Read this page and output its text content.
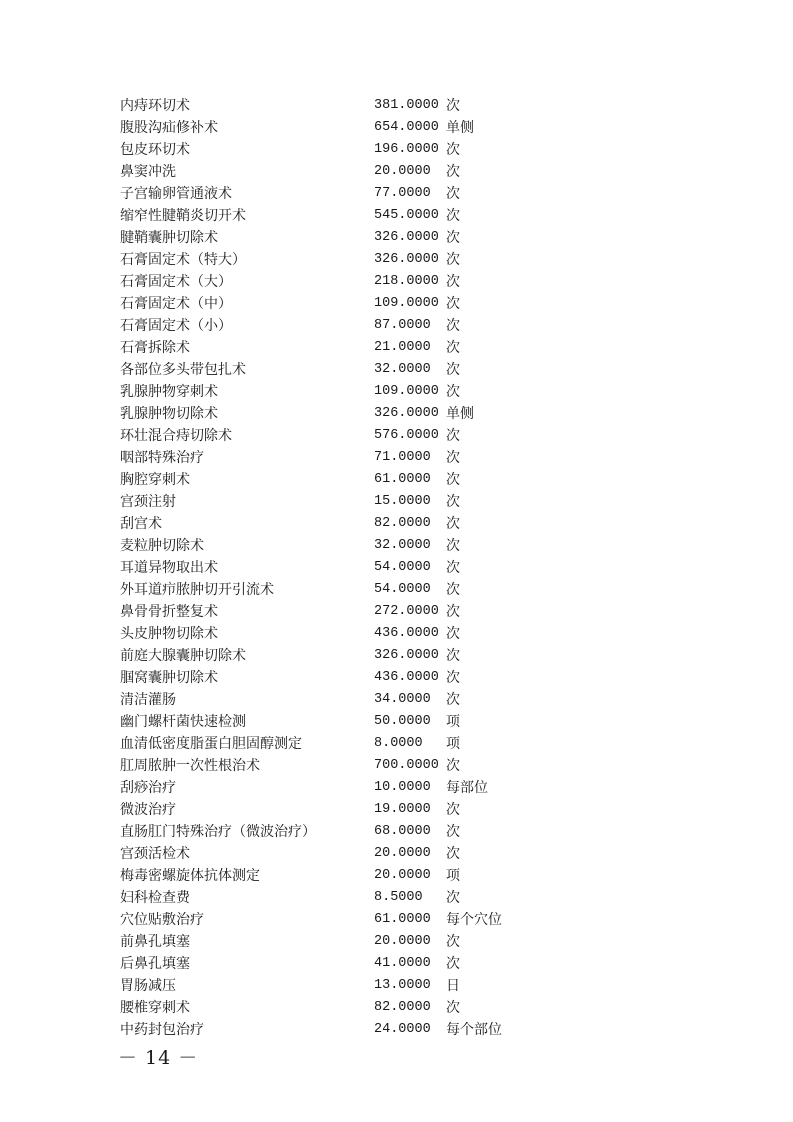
内痔环切术	381.0000 次
腹股沟疝修补术	654.0000 单侧
包皮环切术	196.0000 次
鼻窦冲洗	20.0000 次
子宫输卵管通液术	77.0000 次
缩窄性腱鞘炎切开术	545.0000 次
腱鞘囊肿切除术	326.0000 次
石膏固定术（特大）	326.0000 次
石膏固定术（大）	218.0000 次
石膏固定术（中）	109.0000 次
石膏固定术（小）	87.0000 次
石膏拆除术	21.0000 次
各部位多头带包扎术	32.0000 次
乳腺肿物穿刺术	109.0000 次
乳腺肿物切除术	326.0000 单侧
环壮混合痔切除术	576.0000 次
咽部特殊治疗	71.0000 次
胸腔穿刺术	61.0000 次
宫颈注射	15.0000 次
刮宫术	82.0000 次
麦粒肿切除术	32.0000 次
耳道异物取出术	54.0000 次
外耳道疖脓肿切开引流术	54.0000 次
鼻骨骨折整复术	272.0000 次
头皮肿物切除术	436.0000 次
前庭大腺囊肿切除术	326.0000 次
腘窝囊肿切除术	436.0000 次
清洁灌肠	34.0000 次
幽门螺杆菌快速检测	50.0000 项
血清低密度脂蛋白胆固醇测定	8.0000 项
肛周脓肿一次性根治术	700.0000 次
刮痧治疗	10.0000 每部位
微波治疗	19.0000 次
直肠肛门特殊治疗（微波治疗）	68.0000 次
宫颈活检术	20.0000 次
梅毒密螺旋体抗体测定	20.0000 项
妇科检查费	8.5000 次
穴位贴敷治疗	61.0000 每个穴位
前鼻孔填塞	20.0000 次
后鼻孔填塞	41.0000 次
胃肠减压	13.0000 日
腰椎穿刺术	82.0000 次
中药封包治疗	24.0000 每个部位
－ 14 －
